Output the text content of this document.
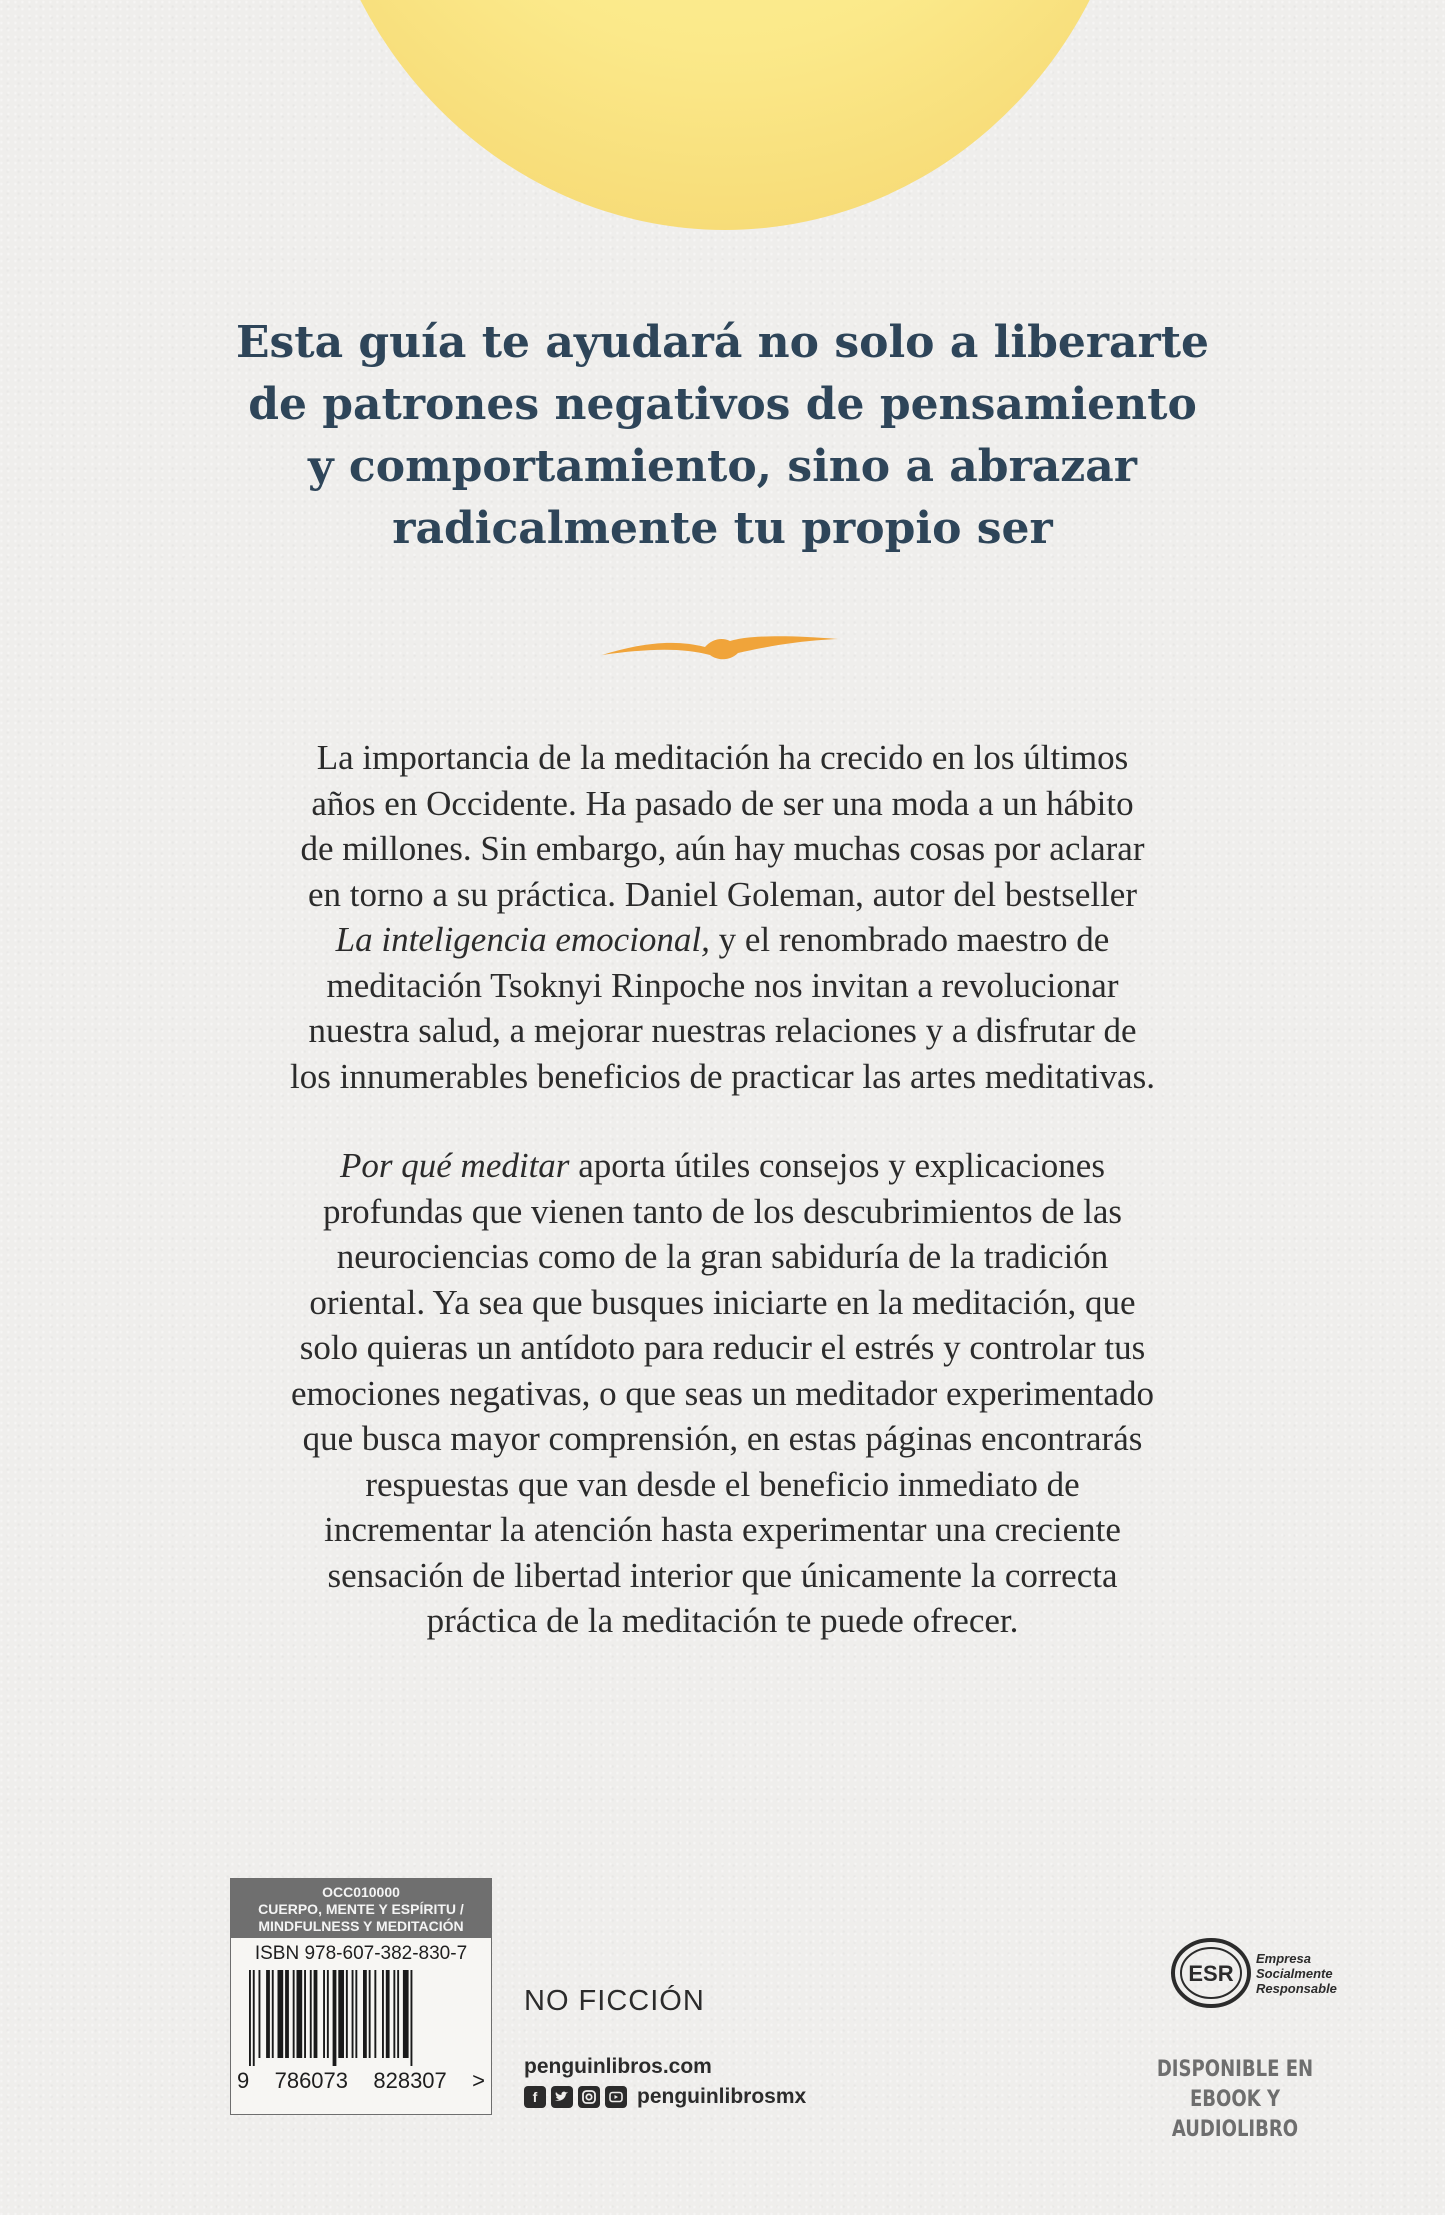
Esta guía te ayudará no solo a liberarte
de patrones negativos de pensamiento
y comportamiento, sino a abrazar
radicalmente tu propio ser

La importancia de la meditación ha crecido en los últimos
años en Occidente. Ha pasado de ser una moda a un hábito
de millones. Sin embargo, aún hay muchas cosas por aclarar
en torno a su práctica. Daniel Goleman, autor del bestseller
La inteligencia emocional, y el renombrado maestro de
meditación Tsoknyi Rinpoche nos invitan a revolucionar
nuestra salud, a mejorar nuestras relaciones y a disfrutar de
los innumerables beneficios de practicar las artes meditativas.

Por qué meditar aporta útiles consejos y explicaciones
profundas que vienen tanto de los descubrimientos de las
neurociencias como de la gran sabiduría de la tradición
oriental. Ya sea que busques iniciarte en la meditación, que
solo quieras un antídoto para reducir el estrés y controlar tus
emociones negativas, o que seas un meditador experimentado
que busca mayor comprensión, en estas páginas encontrarás
respuestas que van desde el beneficio inmediato de
incrementar la atención hasta experimentar una creciente
sensación de libertad interior que únicamente la correcta
práctica de la meditación te puede ofrecer.

OCC010000
CUERPO, MENTE Y ESPÍRITU /
MINDFULNESS Y MEDITACIÓN
ISBN 978-607-382-830-7
9 786073 828307 >
NO FICCIÓN
penguinlibros.com
f	penguinlibrosmx
ESR
Empresa
Socialmente
Responsable
DISPONIBLE EN
EBOOK Y AUDIOLIBRO
